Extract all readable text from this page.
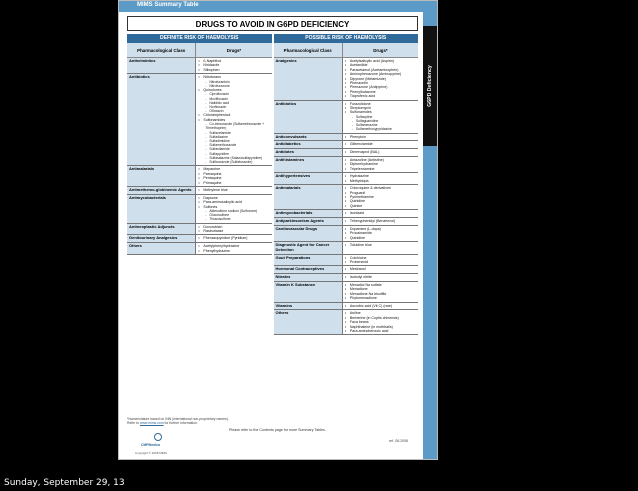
MIMS Summary Table
G6PD Deficiency
DRUGS TO AVOID IN G6PD DEFICIENCY
DEFINITE RISK OF HAEMOLYSIS
Pharmacological Class	Drugs*
Anthelmintics	• ß-Naphthol
• Niridazole
• Stibophen
Antibiotics	• Nitrofurans
- Nitrofurantoin
- Nitrofurazone
• Quinolones
- Ciprofloxacin
- Moxifloxacin
- Nalidixic acid
- Norfloxacin
- Ofloxacin
• Chloramphenicol
• Sulfonamides
- Co-trimoxazole (Sulfamethoxazole + Trimethoprim)
- Sulfacetamide
- Sulfadiazine
- Sulfadimidine
- Sulfamethoxazole
- Sulfanilamide
- Sulfapyridine
- Sulfasalazine (Salazosulfapyridine)
- Sulfisoxazole (Sulfafurazole)
Antimalarials	• Mepacrine
• Pamaquine
• Pentaquine
• Primaquine
Antimethemo-globinemic Agents	• Methylene blue
Antimycobacterials	• Dapsone
• Para-aminosalicylic acid
• Sulfones
- Aldesulfone sodium (Sulfoxone)
- Glucosulfone
- Thiazosulfone
Antineoplastic Adjuncts	• Doxorubicin
• Rasburicase
Genitourinary Analgesics	• Phenazopyridine (Pyridium)
Others	• Acetylphenylhydrazine
• Phenylhydrazine
POSSIBLE RISK OF HAEMOLYSIS
Pharmacological Class	Drugs*
Analgesics	• Acetylsalicylic acid (Aspirin)
• Acetanilide
• Paracetamol (Acetaminophen)
• Aminophenazone (Aminopyrine)
• Dipyrone (Metamizole)
• Phenacetin
• Phenazone (Antipyrine)
• Phenylbutazone
• Tiaprofenic acid
Antibiotics	• Furazolidone
• Streptomycin
• Sulfonamides
- Sulfacytine
- Sulfaguanidine
- Sulfamerazine
- Sulfamethoxypyridazine
Anticonvulsants	• Phenytoin
Antidiabetics	• Glibenclamide
Antidotes	• Dimercaprol (BAL)
Antihistamines	• Antazoline (Antistine)
• Diphenhydramine
• Tripelennamine
Antihypertensives	• Hydralazine
• Methyldopa
Antimalarials	• Chloroquine & derivatives
• Proguanil
• Pyrimethamine
• Quinidine
• Quinine
Antimycobacterials	• Isoniazid
Antiparkinsonism Agents	• Trihexyphenidyl (Benzhexol)
Cardiovascular Drugs	• Dopamine (L-dopa)
• Procainamide
• Quinidine
Diagnostic Agent for Cancer Detection
• Toluidine blue
Gout Preparations	• Colchicine
• Probenecid
Hormonal Contraceptives	• Mestranol
Nitrates	• Isobutyl nitrite
Vitamin K Substance	• Menadiol Na sulfate
• Menadione
• Menadione Na bisulfite
• Phytomenadione
Vitamins	• Ascorbic acid (Vit C) (rare)
Others	• Aniline
• Berberine (in Coptis chinensis)
• Fava beans
• Naphthalene (in mothballs)
• Para-aminobenzoic acid
*Nomenclature based on INN (international non-proprietary names).
Refer to www.mims.com for further information.
Please refer to the Contents page for more Summary Tables.
ref. G6 2008
CMPMedica
Copyright © 2008 MIMS
Sunday, September 29, 13
